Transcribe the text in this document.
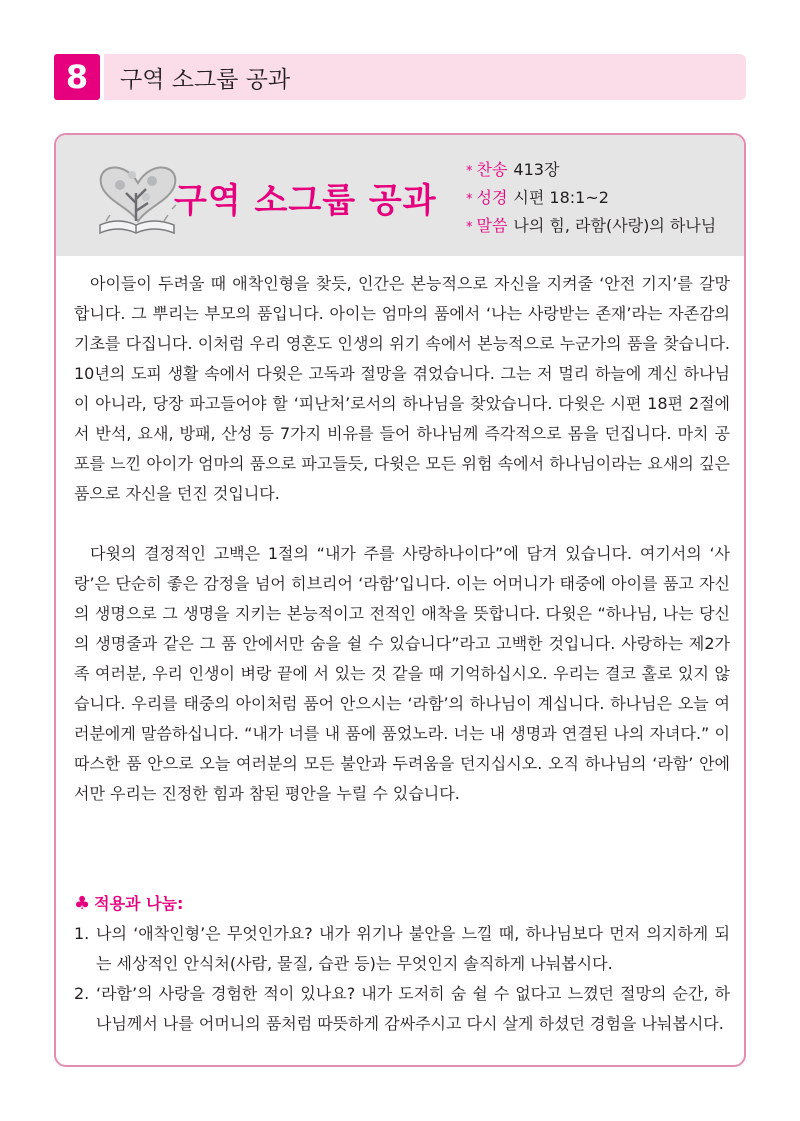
8	구역 소그룹 공과
구역 소그룹 공과
* 찬송 413장
* 성경 시편 18:1~2
* 말씀 나의 힘, 라함(사랑)의 하나님

아이들이 두려울 때 애착인형을 찾듯, 인간은 본능적으로 자신을 지켜줄 ‘안전 기지’를 갈망합니다. 그 뿌리는 부모의 품입니다. 아이는 엄마의 품에서 ‘나는 사랑받는 존재’라는 자존감의 기초를 다집니다. 이처럼 우리 영혼도 인생의 위기 속에서 본능적으로 누군가의 품을 찾습니다. 10년의 도피 생활 속에서 다윗은 고독과 절망을 겪었습니다. 그는 저 멀리 하늘에 계신 하나님이 아니라, 당장 파고들어야 할 ‘피난처’로서의 하나님을 찾았습니다. 다윗은 시편 18편 2절에서 반석, 요새, 방패, 산성 등 7가지 비유를 들어 하나님께 즉각적으로 몸을 던집니다. 마치 공포를 느낀 아이가 엄마의 품으로 파고들듯, 다윗은 모든 위험 속에서 하나님이라는 요새의 깊은 품으로 자신을 던진 것입니다.

다윗의 결정적인 고백은 1절의 “내가 주를 사랑하나이다”에 담겨 있습니다. 여기서의 ‘사랑’은 단순히 좋은 감정을 넘어 히브리어 ‘라함’입니다. 이는 어머니가 태중에 아이를 품고 자신의 생명으로 그 생명을 지키는 본능적이고 전적인 애착을 뜻합니다. 다윗은 “하나님, 나는 당신의 생명줄과 같은 그 품 안에서만 숨을 쉴 수 있습니다”라고 고백한 것입니다. 사랑하는 제2가족 여러분, 우리 인생이 벼랑 끝에 서 있는 것 같을 때 기억하십시오. 우리는 결코 홀로 있지 않습니다. 우리를 태중의 아이처럼 품어 안으시는 ‘라함’의 하나님이 계십니다. 하나님은 오늘 여러분에게 말씀하십니다. “내가 너를 내 품에 품었노라. 너는 내 생명과 연결된 나의 자녀다.” 이 따스한 품 안으로 오늘 여러분의 모든 불안과 두려움을 던지십시오. 오직 하나님의 ‘라함’ 안에서만 우리는 진정한 힘과 참된 평안을 누릴 수 있습니다.

♣ 적용과 나눔:
1. 나의 ‘애착인형’은 무엇인가요? 내가 위기나 불안을 느낄 때, 하나님보다 먼저 의지하게 되는 세상적인 안식처(사람, 물질, 습관 등)는 무엇인지 솔직하게 나눠봅시다.
2. ‘라함’의 사랑을 경험한 적이 있나요? 내가 도저히 숨 쉴 수 없다고 느꼈던 절망의 순간, 하나님께서 나를 어머니의 품처럼 따뜻하게 감싸주시고 다시 살게 하셨던 경험을 나눠봅시다.
